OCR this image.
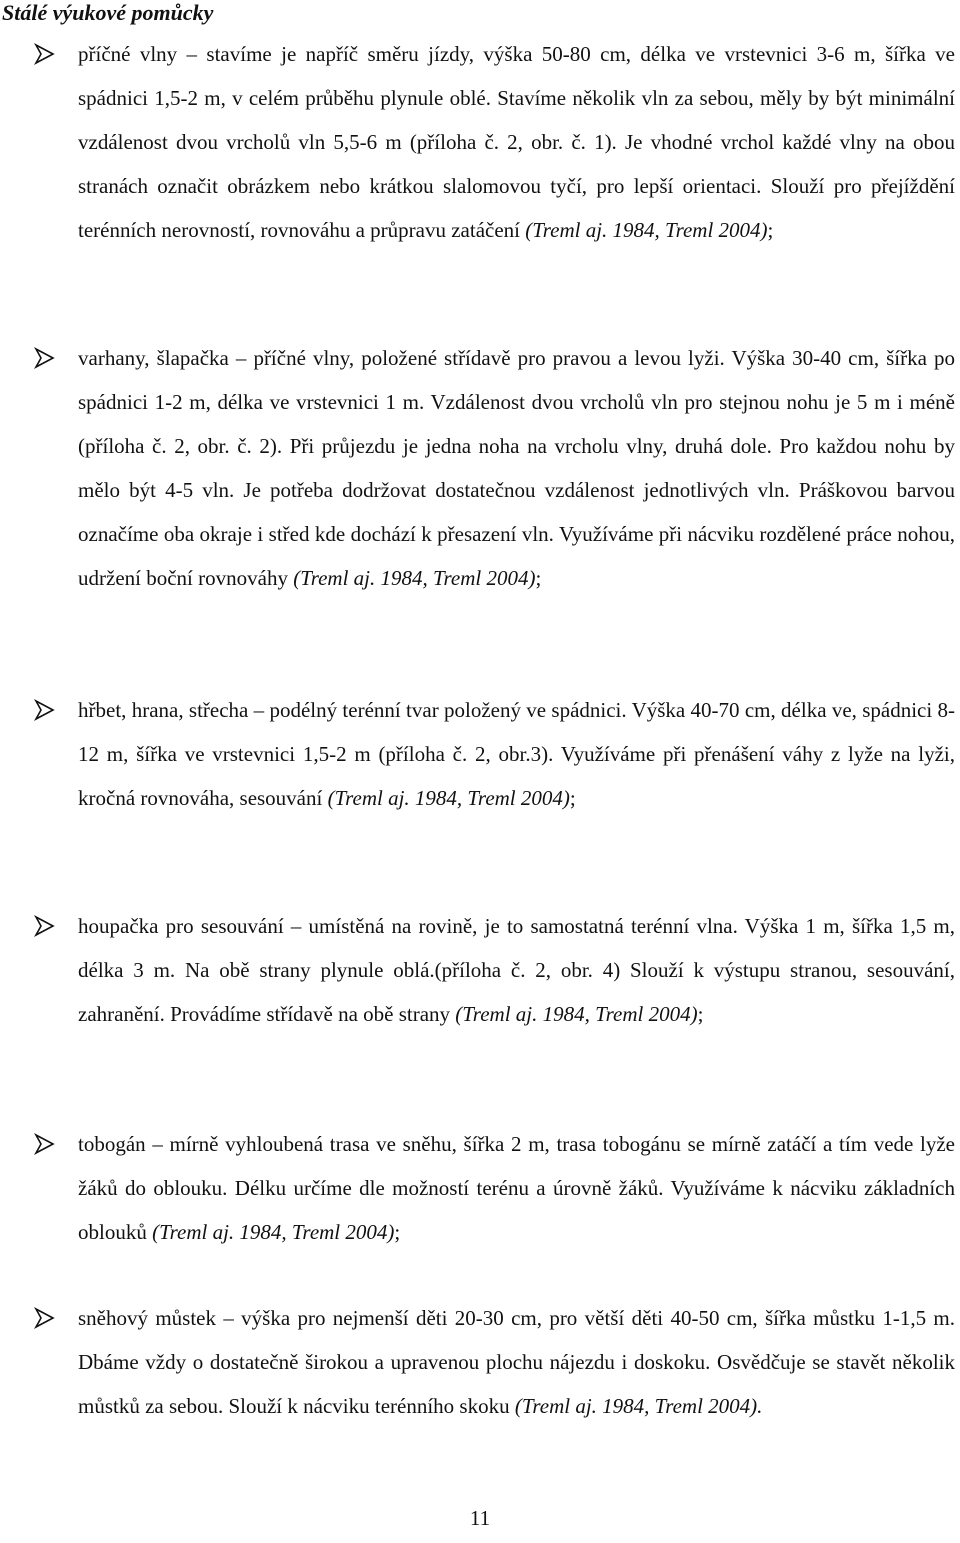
Stálé výukové pomůcky
příčné vlny – stavíme je napříč směru jízdy, výška 50-80 cm, délka ve vrstevnici 3-6 m, šířka ve spádnici 1,5-2 m, v celém průběhu plynule oblé. Stavíme několik vln za sebou, měly by být minimální vzdálenost dvou vrcholů vln 5,5-6 m (příloha č. 2, obr. č. 1). Je vhodné vrchol každé vlny na obou stranách označit obrázkem nebo krátkou slalomovou tyčí, pro lepší orientaci. Slouží pro přejíždění terénních nerovností, rovnováhu a průpravu zatáčení (Treml aj. 1984, Treml 2004);
varhany, šlapačka – příčné vlny, položené střídavě pro pravou a levou lyži. Výška 30-40 cm, šířka po spádnici 1-2 m, délka ve vrstevnici 1 m. Vzdálenost dvou vrcholů vln pro stejnou nohu je 5 m i méně (příloha č. 2, obr. č. 2). Při průjezdu je jedna noha na vrcholu vlny, druhá dole. Pro každou nohu by mělo být 4-5 vln. Je potřeba dodržovat dostatečnou vzdálenost jednotlivých vln. Práškovou barvou označíme oba okraje i střed kde dochází k přesazení vln. Využíváme při nácviku rozdělené práce nohou, udržení boční rovnováhy (Treml aj. 1984, Treml 2004);
hřbet, hrana, střecha – podélný terénní tvar položený ve spádnici. Výška 40-70 cm, délka ve, spádnici 8-12 m, šířka ve vrstevnici 1,5-2 m (příloha č. 2, obr.3). Využíváme při přenášení váhy z lyže na lyži, kročná rovnováha, sesouvání (Treml aj. 1984, Treml 2004);
houpačka pro sesouvání – umístěná na rovině, je to samostatná terénní vlna. Výška 1 m, šířka 1,5 m, délka 3 m. Na obě strany plynule oblá.(příloha č. 2, obr. 4) Slouží k výstupu stranou, sesouvání, zahranění. Provádíme střídavě na obě strany (Treml aj. 1984, Treml 2004);
tobogán – mírně vyhloubená trasa ve sněhu, šířka 2 m, trasa tobogánu se mírně zatáčí a tím vede lyže žáků do oblouku. Délku určíme dle možností terénu a úrovně žáků. Využíváme k nácviku základních oblouků (Treml aj. 1984, Treml 2004);
sněhový můstek – výška pro nejmenší děti 20-30 cm, pro větší děti 40-50 cm, šířka můstku 1-1,5 m. Dbáme vždy o dostatečně širokou a upravenou plochu nájezdu i doskoku. Osvědčuje se stavět několik můstků za sebou. Slouží k nácviku terénního skoku (Treml aj. 1984, Treml 2004).
11
